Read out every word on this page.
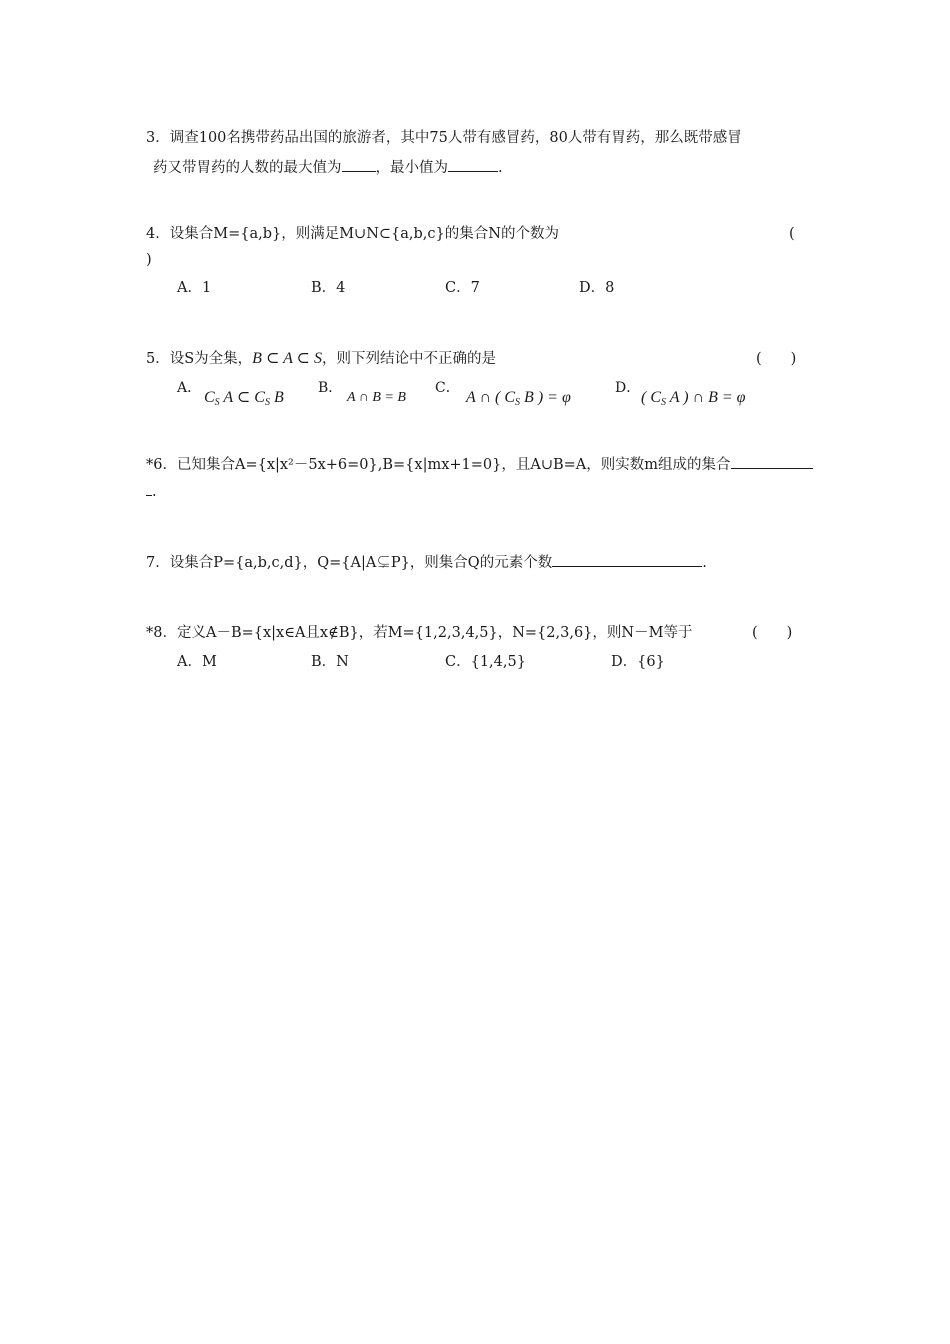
3．调查100名携带药品出国的旅游者，其中75人带有感冒药，80人带有胃药，那么既带感冒
药又带胃药的人数的最大值为 ，最小值为	.
4．设集合M={a,b}，则满足M∪N⊂{a,b,c}的集合N的个数为	(
)
A．1	B．4	C．7	D．8
5．设S为全集，B ⊂ A ⊂ S，则下列结论中不正确的是	(　　)
A．
$C_S$ A ⊂ $C_S$ B
B．
A ∩ B = B
C．
A ∩ ( $C_S$ B ) = φ
D．
( $C_S$ A ) ∩ B = φ
*6．已知集合A={x|x²－5x+6=0},B={x|mx+1=0}，且A∪B=A，则实数m组成的集合
.
7．设集合P={a,b,c,d}，Q={A|A⊊P}，则集合Q的元素个数	.
*8．定义A－B={x|x∈A且x∉B}，若M={1,2,3,4,5}，N={2,3,6}，则N－M等于	(　　)
A．M	B．N	C．{1,4,5}	D．{6}
